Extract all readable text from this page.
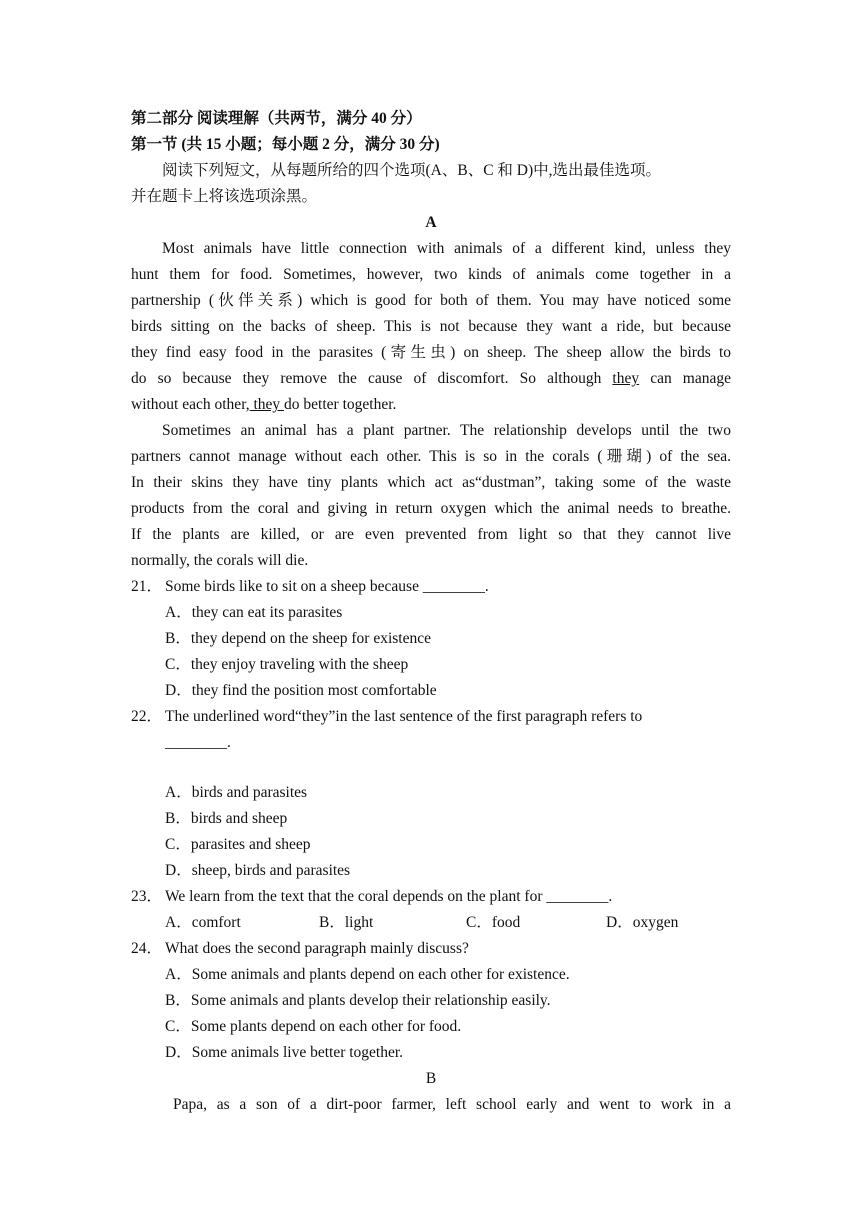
第二部分 阅读理解（共两节，满分 40 分）
第一节 (共 15 小题；每小题 2 分，满分 30 分)
阅读下列短文，从每题所给的四个选项(A、B、C 和 D)中,选出最佳选项。
并在题卡上将该选项涂黑。
A
Most animals have little connection with animals of a different kind, unless they
hunt them for food. Sometimes, however, two kinds of animals come together in a
partnership (伙伴关系) which is good for both of them. You may have noticed some
birds sitting on the backs of sheep. This is not because they want a ride, but because
they find easy food in the parasites (寄生虫) on sheep. The sheep allow the birds to
do so because they remove the cause of discomfort. So although they can manage
without each other, they do better together.
Sometimes an animal has a plant partner. The relationship develops until the two
partners cannot manage without each other. This is so in the corals (珊瑚) of the sea.
In their skins they have tiny plants which act as“dustman”, taking some of the waste
products from the coral and giving in return oxygen which the animal needs to breathe.
If the plants are killed, or are even prevented from light so that they cannot live
normally, the corals will die.
21． Some birds like to sit on a sheep because ________.
A．they can eat its parasites
B．they depend on the sheep for existence
C．they enjoy traveling with the sheep
D．they find the position most comfortable
22． The underlined word“they”in the last sentence of the first paragraph refers to
________.
A．birds and parasites
B．birds and sheep
C．parasites and sheep
D．sheep, birds and parasites
23． We learn from the text that the coral depends on the plant for ________.
A．comfort	B．light	C．food	D．oxygen
24． What does the second paragraph mainly discuss?
A．Some animals and plants depend on each other for existence.
B．Some animals and plants develop their relationship easily.
C．Some plants depend on each other for food.
D．Some animals live better together.
B
Papa, as a son of a dirt-poor farmer, left school early and went to work in a
